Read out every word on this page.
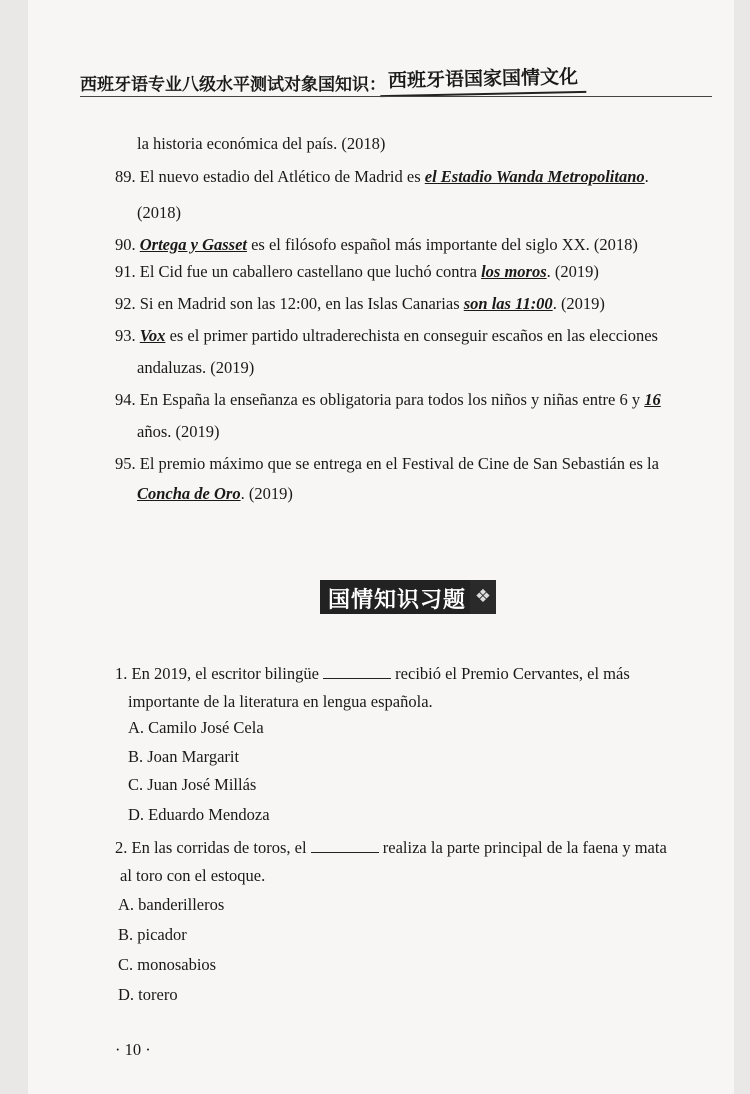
西班牙语专业八级水平测试对象国知识： 西班牙语国家国情文化
la historia económica del país. (2018)
89. El nuevo estadio del Atlético de Madrid es el Estadio Wanda Metropolitano.
(2018)
90. Ortega y Gasset es el filósofo español más importante del siglo XX. (2018)
91. El Cid fue un caballero castellano que luchó contra los moros. (2019)
92. Si en Madrid son las 12:00, en las Islas Canarias son las 11:00. (2019)
93. Vox es el primer partido ultraderechista en conseguir escaños en las elecciones
andaluzas. (2019)
94. En España la enseñanza es obligatoria para todos los niños y niñas entre 6 y 16
años. (2019)
95. El premio máximo que se entrega en el Festival de Cine de San Sebastián es la
Concha de Oro. (2019)
国情知识习题 ❖
1. En 2019, el escritor bilingüe	recibió el Premio Cervantes, el más
importante de la literatura en lengua española.
A. Camilo José Cela
B. Joan Margarit
C. Juan José Millás
D. Eduardo Mendoza
2. En las corridas de toros, el	realiza la parte principal de la faena y mata
al toro con el estoque.
A. banderilleros
B. picador
C. monosabios
D. torero
· 10 ·
